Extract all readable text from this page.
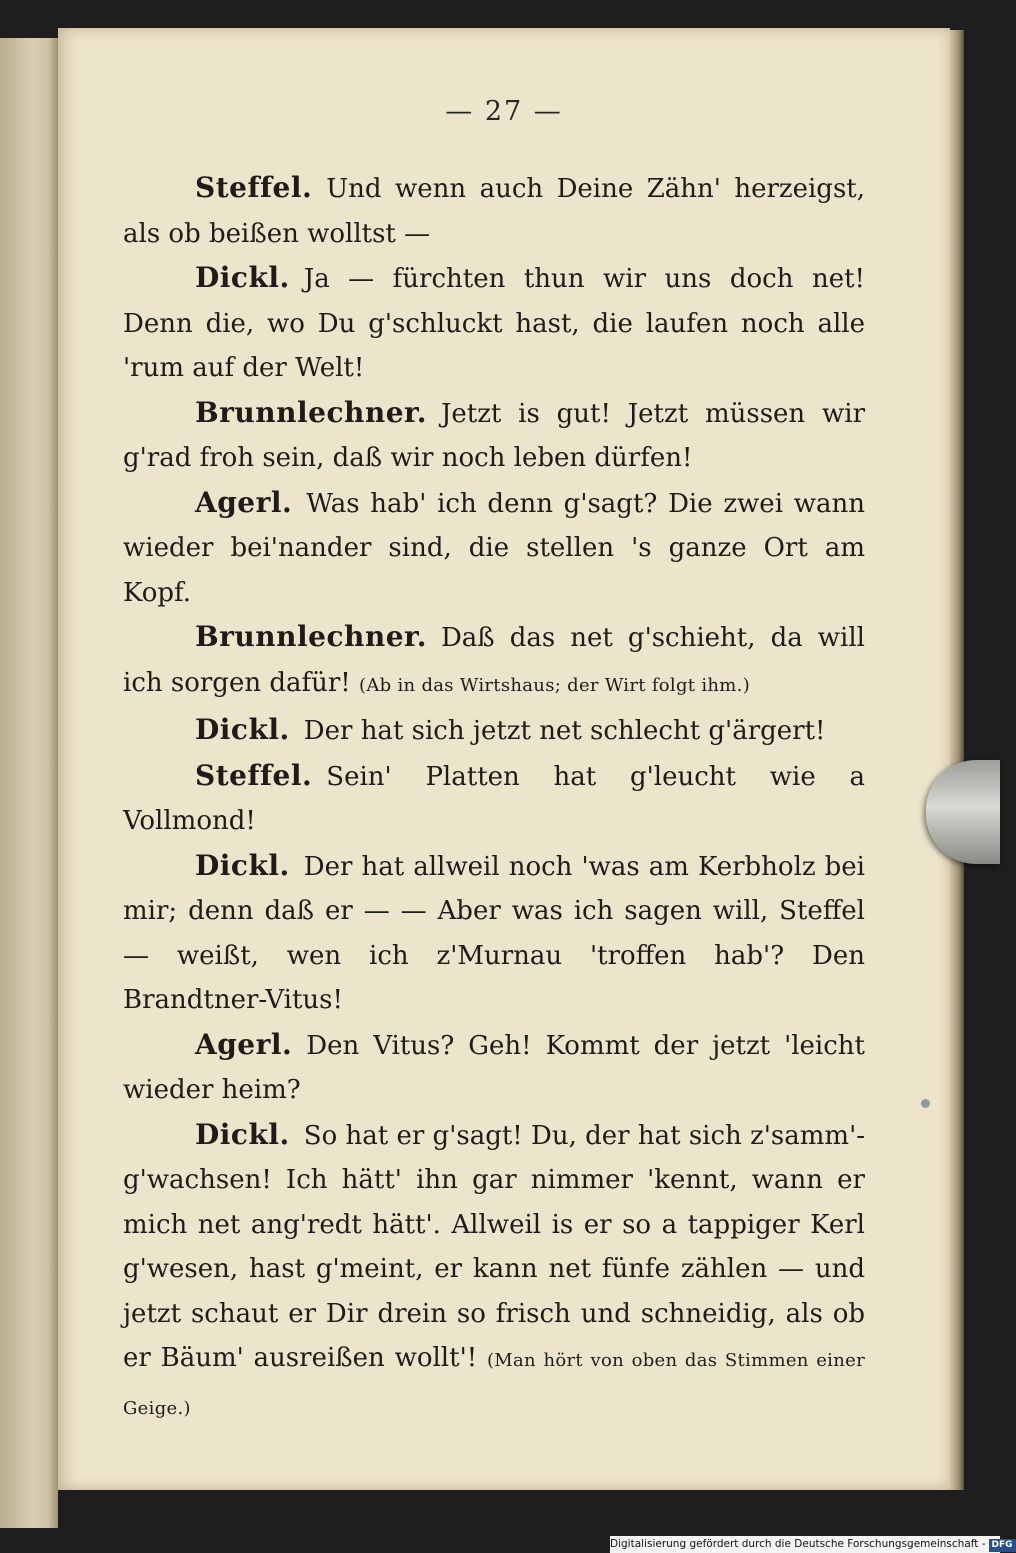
— 27 —

Steffel. Und wenn auch Deine Zähn' herzeigst, als ob beißen wolltst —

Dickl. Ja — fürchten thun wir uns doch net! Denn die, wo Du g'schluckt hast, die laufen noch alle 'rum auf der Welt!

Brunnlechner. Jetzt is gut! Jetzt müssen wir g'rad froh sein, daß wir noch leben dürfen!

Agerl. Was hab' ich denn g'sagt? Die zwei wann wieder bei'nander sind, die stellen 's ganze Ort am Kopf.

Brunnlechner. Daß das net g'schieht, da will ich sorgen dafür! (Ab in das Wirtshaus; der Wirt folgt ihm.)

Dickl. Der hat sich jetzt net schlecht g'ärgert!

Steffel. Sein' Platten hat g'leucht wie a Vollmond!

Dickl. Der hat allweil noch 'was am Kerbholz bei mir; denn daß er — — Aber was ich sagen will, Steffel — weißt, wen ich z'Murnau 'troffen hab'? Den Brandtner-Vitus!

Agerl. Den Vitus? Geh! Kommt der jetzt 'leicht wieder heim?

Dickl. So hat er g'sagt! Du, der hat sich z'samm'-g'wachsen! Ich hätt' ihn gar nimmer 'kennt, wann er mich net ang'redt hätt'. Allweil is er so a tappiger Kerl g'wesen, hast g'meint, er kann net fünfe zählen — und jetzt schaut er Dir drein so frisch und schneidig, als ob er Bäum' ausreißen wollt'! (Man hört von oben das Stimmen einer Geige.)

Digitalisierung gefördert durch die Deutsche Forschungsgemeinschaft - DFG
